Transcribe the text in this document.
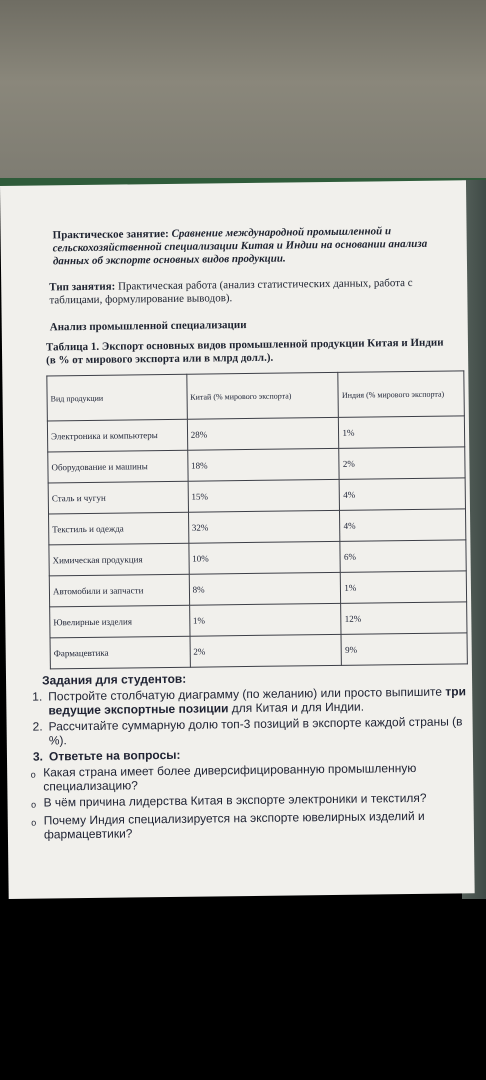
Практическое занятие: Сравнение международной промышленной и сельскохозяйственной специализации Китая и Индии на основании анализа данных об экспорте основных видов продукции.
Тип занятия: Практическая работа (анализ статистических данных, работа с таблицами, формулирование выводов).
Анализ промышленной специализации
Таблица 1. Экспорт основных видов промышленной продукции Китая и Индии (в % от мирового экспорта или в млрд долл.).
Вид продукции	Китай (% мирового экспорта)	Индия (% мирового экспорта)
Электроника и компьютеры	28%	1%
Оборудование и машины	18%	2%
Сталь и чугун	15%	4%
Текстиль и одежда	32%	4%
Химическая продукция	10%	6%
Автомобили и запчасти	8%	1%
Ювелирные изделия	1%	12%
Фармацевтика	2%	9%
Задания для студентов:
1. Постройте столбчатую диаграмму (по желанию) или просто выпишите три ведущие экспортные позиции для Китая и для Индии.
2. Рассчитайте суммарную долю топ-3 позиций в экспорте каждой страны (в %).
3. Ответьте на вопросы:
o Какая страна имеет более диверсифицированную промышленную специализацию?
o В чём причина лидерства Китая в экспорте электроники и текстиля?
o Почему Индия специализируется на экспорте ювелирных изделий и фармацевтики?
